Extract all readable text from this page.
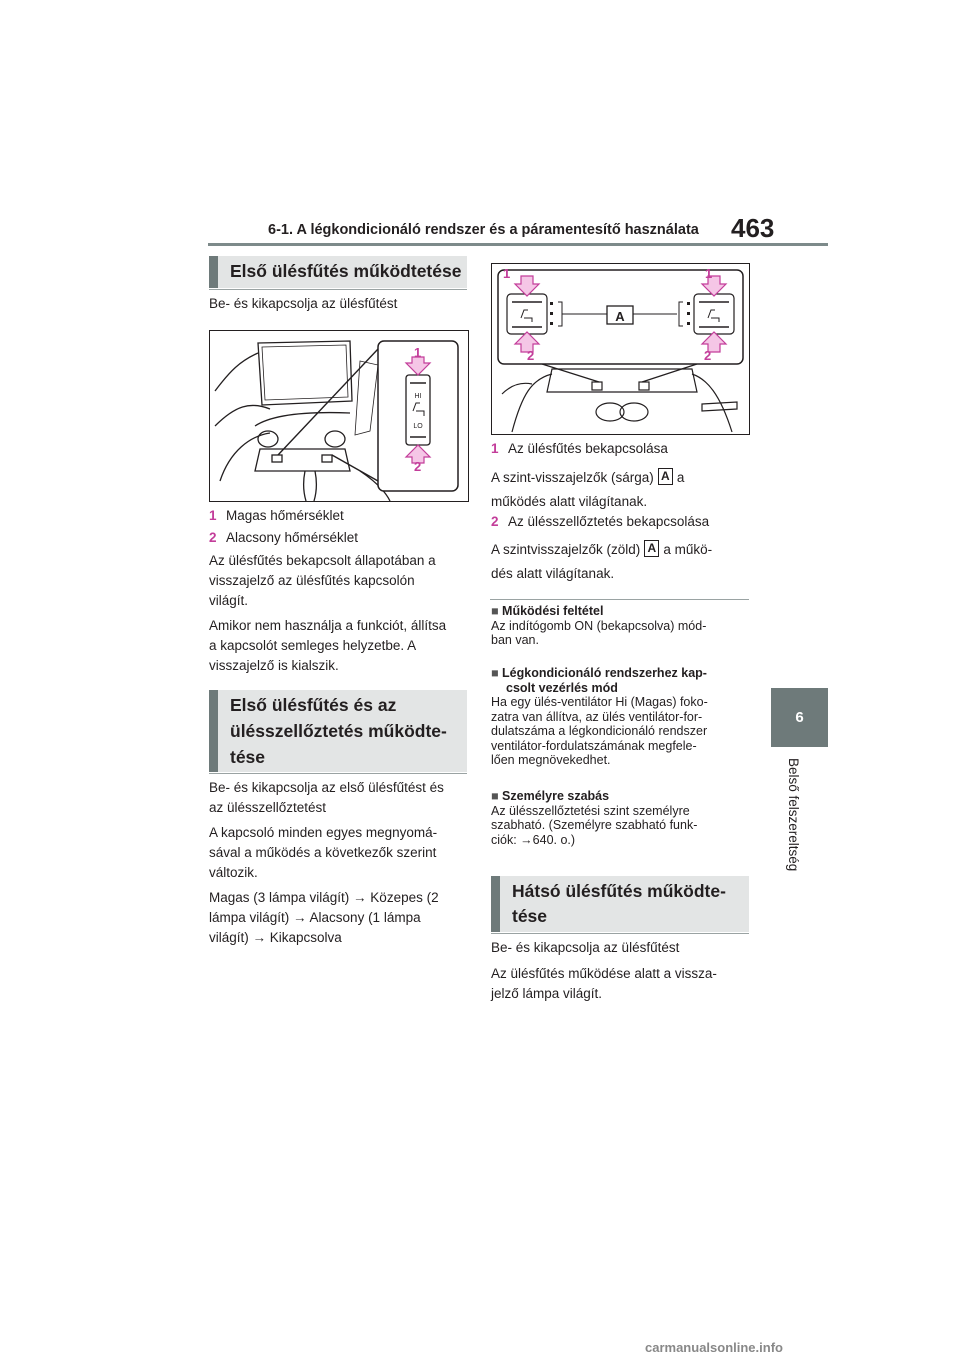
6-1. A légkondicionáló rendszer és a páramentesítő használata 463
6
Belső felszereltség
Első ülésfűtés működtetése
Be- és kikapcsolja az ülésfűtést
HI
LO
1
2
1 Magas hőmérséklet
2 Alacsony hőmérséklet
Az ülésfűtés bekapcsolt állapotában a
visszajelző az ülésfűtés kapcsolón
világít.
Amikor nem használja a funkciót, állítsa
a kapcsolót semleges helyzetbe. A
visszajelző is kialszik.
Első ülésfűtés és az
ülésszellőztetés működte-
tése
Be- és kikapcsolja az első ülésfűtést és
az ülésszellőztetést
A kapcsoló minden egyes megnyomá-
sával a működés a következők szerint
változik.
Magas (3 lámpa világít) → Közepes (2
lámpa világít) → Alacsony (1 lámpa
világít) → Kikapcsolva
A
1	1
2	2
1 Az ülésfűtés bekapcsolása
A szint-visszajelzők (sárga) A a
működés alatt világítanak.
2 Az ülésszellőztetés bekapcsolása
A szintvisszajelzők (zöld) A a műkö-
dés alatt világítanak.
■ Működési feltétel
Az indítógomb ON (bekapcsolva) mód-
ban van.
■ Légkondicionáló rendszerhez kap-
csolt vezérlés mód
Ha egy ülés-ventilátor Hi (Magas) foko-
zatra van állítva, az ülés ventilátor-for-
dulatszáma a légkondicionáló rendszer
ventilátor-fordulatszámának megfele-
lően megnövekedhet.
■ Személyre szabás
Az ülésszellőztetési szint személyre
szabható. (Személyre szabható funk-
ciók: →640. o.)
Hátsó ülésfűtés működte-
tése
Be- és kikapcsolja az ülésfűtést
Az ülésfűtés működése alatt a vissza-
jelző lámpa világít.
carmanualsonline.info
